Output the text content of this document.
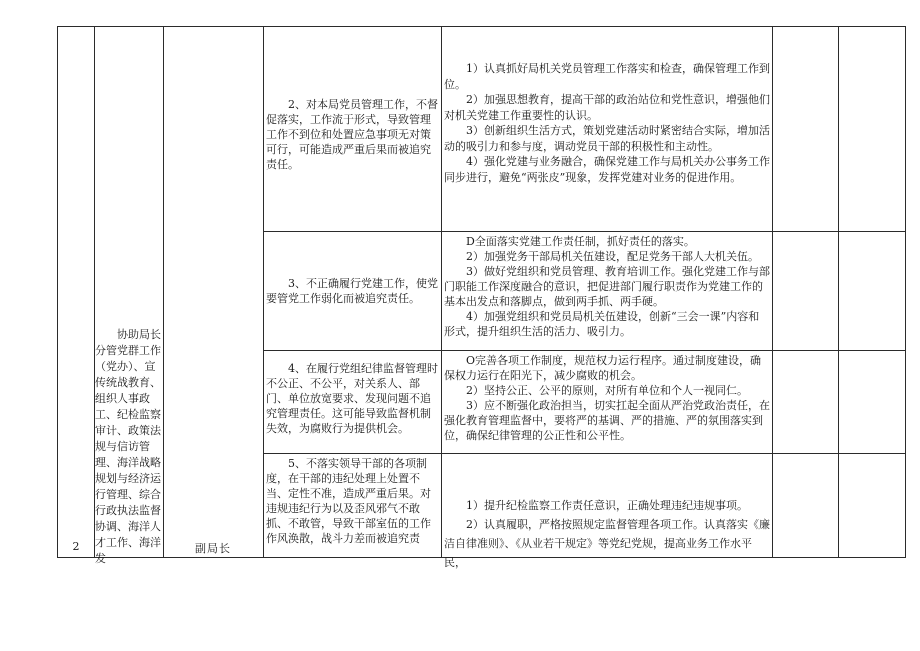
2

协助局长分管党群工作（党办）、宣传统战教育、组织人事政工、纪检监察审计、政策法规与信访管理、海洋战略规划与经济运行管理、综合行政执法监督协调、海洋人才工作、海洋发

副局长

2、对本局党员管理工作，不督促落实，工作流于形式，导致管理工作不到位和处置应急事项无对策可行，可能造成严重后果而被追究责任。

1）认真抓好局机关党员管理工作落实和检查，确保管理工作到位。

2）加强思想教育，提高干部的政治站位和党性意识，增强他们对机关党建工作重要性的认识。

3）创新组织生活方式，策划党建活动时紧密结合实际，增加活动的吸引力和参与度，调动党员干部的积极性和主动性。

4）强化党建与业务融合，确保党建工作与局机关办公事务工作同步进行，避免“两张皮”现象，发挥党建对业务的促进作用。

3、不正确履行党建工作，使党要管党工作弱化而被追究责任。

D全面落实党建工作责任制，抓好责任的落实。

2）加强党务干部局机关伍建设，配足党务干部人大机关伍。

3）做好党组织和党员管理、教育培训工作。强化党建工作与部门职能工作深度融合的意识，把促进部门履行职责作为党建工作的基本出发点和落脚点，做到两手抓、两手硬。

4）加强党组织和党员局机关伍建设，创新“三会一课”内容和形式，提升组织生活的活力、吸引力。

4、在履行党组纪律监督管理时不公正、不公平，对关系人、部门、单位放宽要求、发现问题不追究管理责任。这可能导致监督机制失效，为腐败行为提供机会。

O完善各项工作制度，规范权力运行程序。通过制度建设，确保权力运行在阳光下，减少腐败的机会。

2）坚持公正、公平的原则，对所有单位和个人一视同仁。

3）应不断强化政治担当，切实扛起全面从严治党政治责任，在强化教育管理监督中，要将严的基调、严的措施、严的氛围落实到位，确保纪律管理的公正性和公平性。

5、不落实领导干部的各项制度，在干部的违纪处理上处置不当、定性不准，造成严重后果。对违规违纪行为以及歪风邪气不敢抓、不敢管，导致干部室伍的工作作风涣散，战斗力差而被追究责

1）提升纪检监察工作责任意识，正确处理违纪违规事项。

2）认真履职，严格按照规定监督管理各项工作。认真落实《廉洁自律准则》、《从业若干规定》等党纪党规，提高业务工作水平民，
